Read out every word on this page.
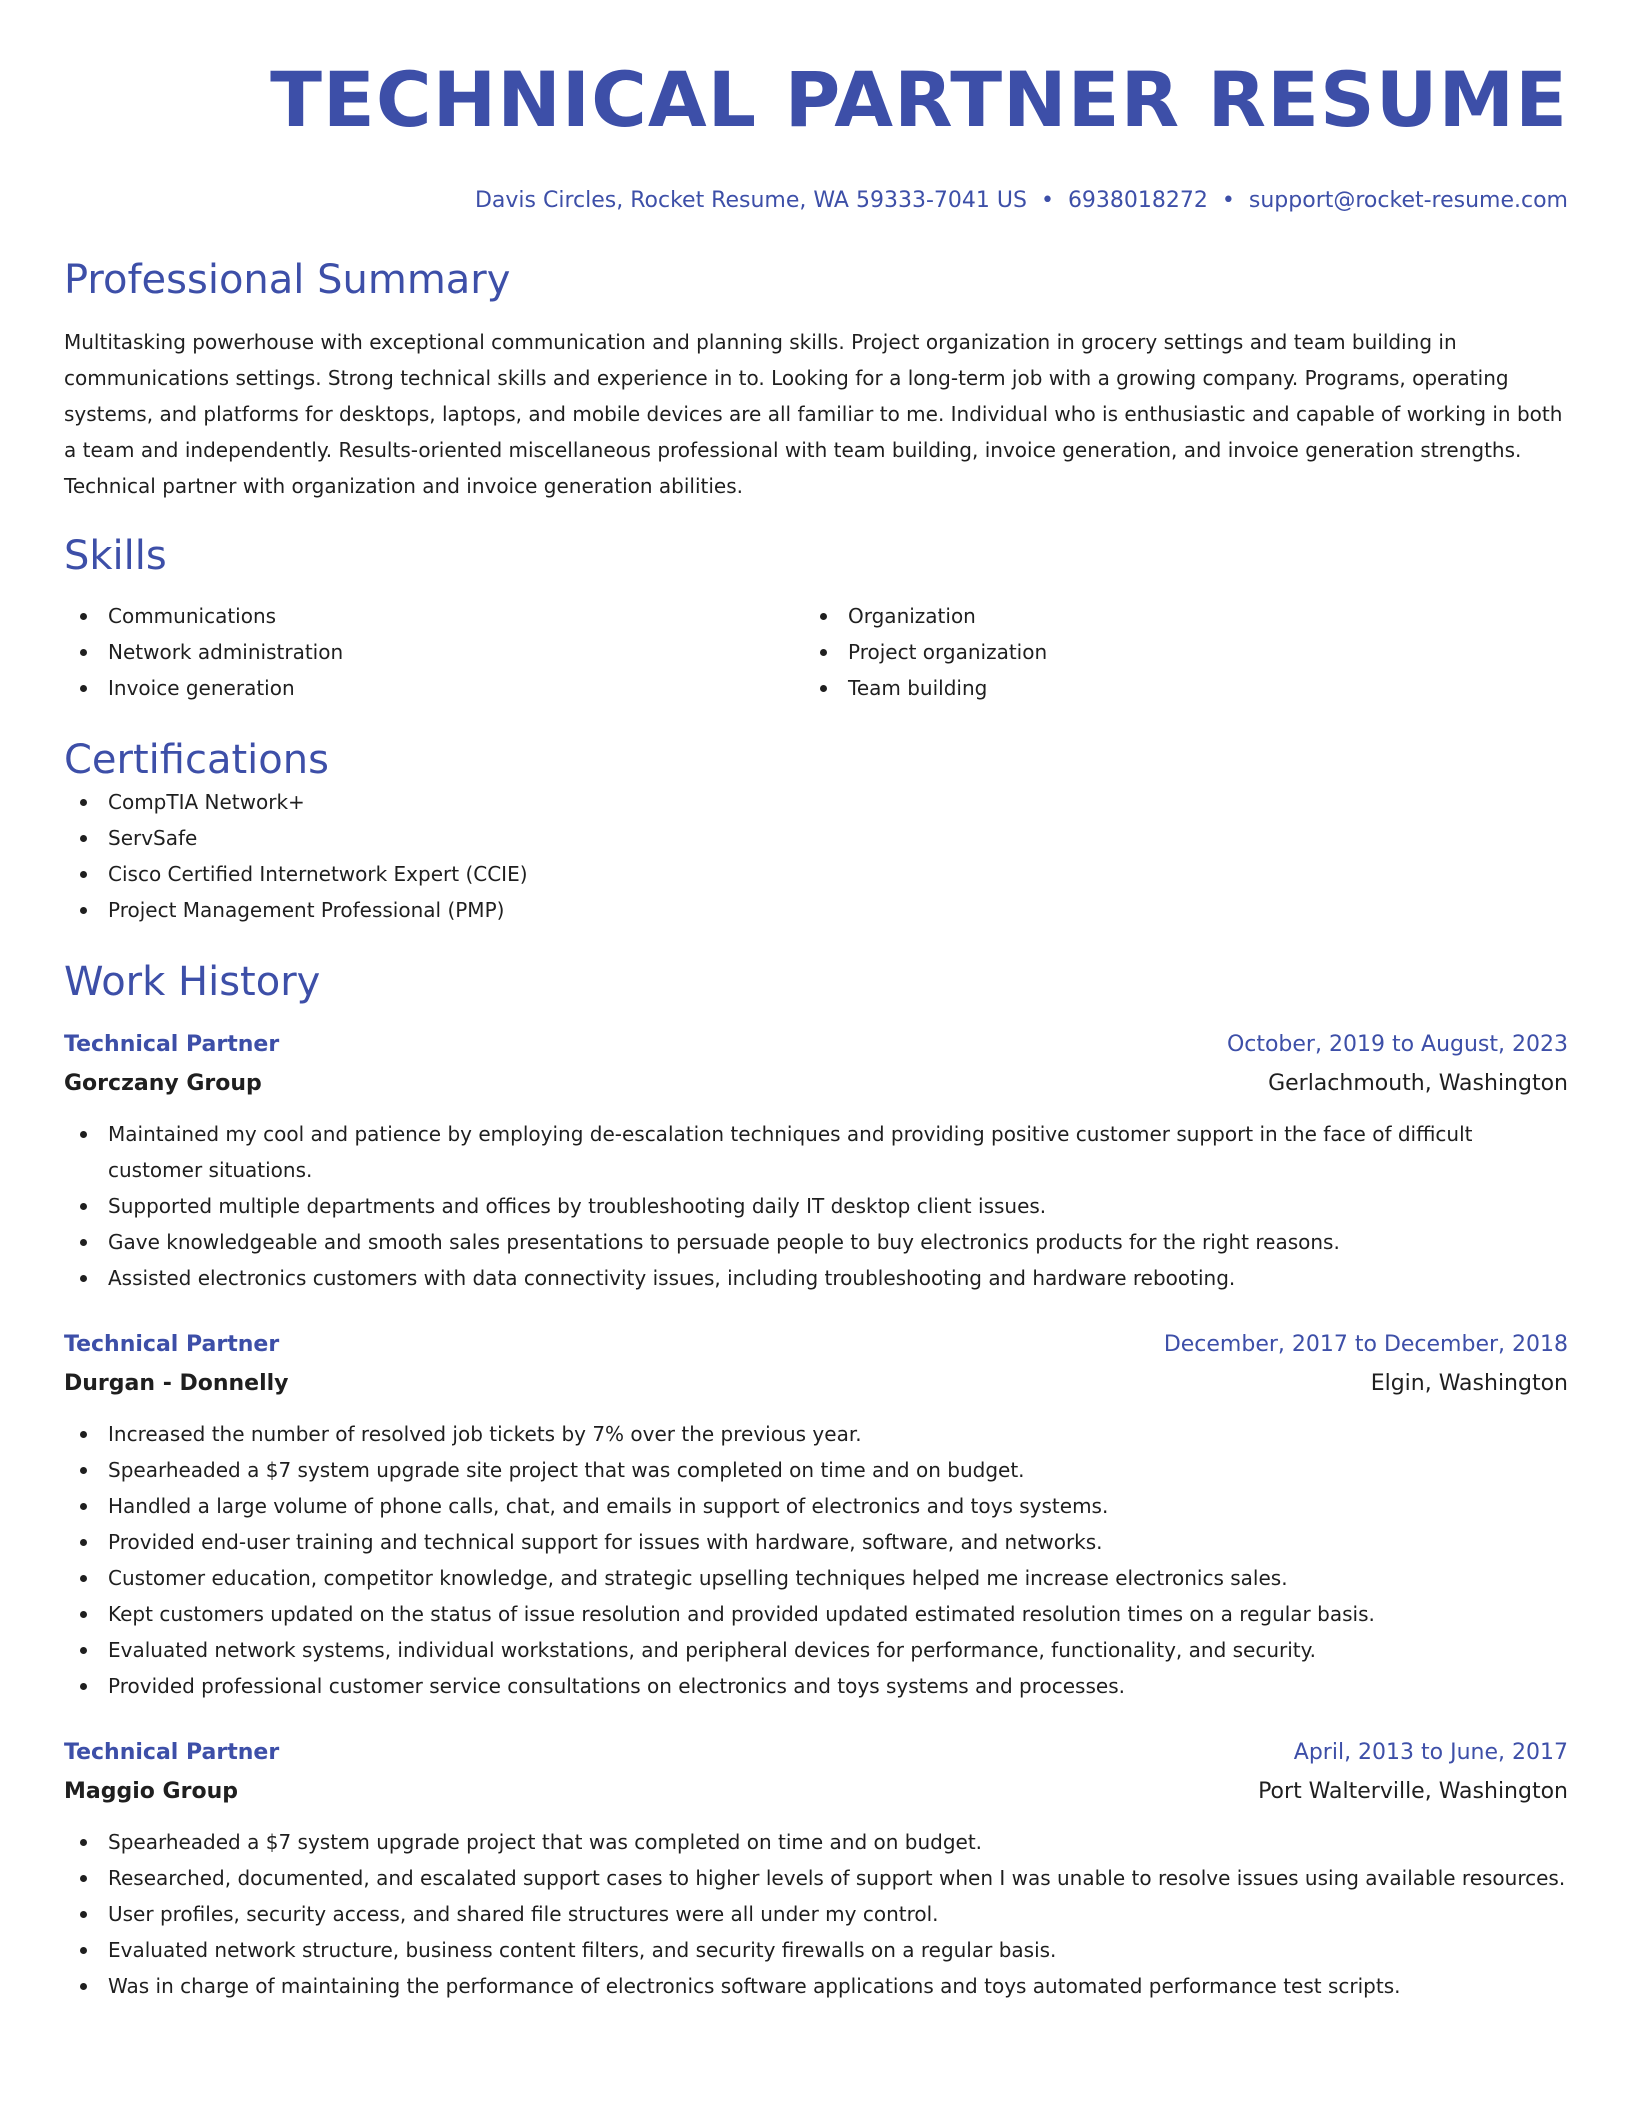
TECHNICAL PARTNER RESUME
Davis Circles, Rocket Resume, WA 59333-7041 US • 6938018272 • support@rocket-resume.com
Professional Summary

Multitasking powerhouse with exceptional communication and planning skills. Project organization in grocery settings and team building in communications settings. Strong technical skills and experience in to. Looking for a long-term job with a growing company. Programs, operating systems, and platforms for desktops, laptops, and mobile devices are all familiar to me. Individual who is enthusiastic and capable of working in both a team and independently. Results-oriented miscellaneous professional with team building, invoice generation, and invoice generation strengths. Technical partner with organization and invoice generation abilities.

Skills
Communications
Network administration
Invoice generation
Organization
Project organization
Team building
Certifications
CompTIA Network+
ServSafe
Cisco Certified Internetwork Expert (CCIE)
Project Management Professional (PMP)
Work History
Technical Partner	October, 2019 to August, 2023
Gorczany Group	Gerlachmouth, Washington
Maintained my cool and patience by employing de-escalation techniques and providing positive customer support in the face of difficult customer situations.
Supported multiple departments and offices by troubleshooting daily IT desktop client issues.
Gave knowledgeable and smooth sales presentations to persuade people to buy electronics products for the right reasons.
Assisted electronics customers with data connectivity issues, including troubleshooting and hardware rebooting.
Technical Partner	December, 2017 to December, 2018
Durgan - Donnelly	Elgin, Washington
Increased the number of resolved job tickets by 7% over the previous year.
Spearheaded a $7 system upgrade site project that was completed on time and on budget.
Handled a large volume of phone calls, chat, and emails in support of electronics and toys systems.
Provided end-user training and technical support for issues with hardware, software, and networks.
Customer education, competitor knowledge, and strategic upselling techniques helped me increase electronics sales.
Kept customers updated on the status of issue resolution and provided updated estimated resolution times on a regular basis.
Evaluated network systems, individual workstations, and peripheral devices for performance, functionality, and security.
Provided professional customer service consultations on electronics and toys systems and processes.
Technical Partner	April, 2013 to June, 2017
Maggio Group	Port Walterville, Washington
Spearheaded a $7 system upgrade project that was completed on time and on budget.
Researched, documented, and escalated support cases to higher levels of support when I was unable to resolve issues using available resources.
User profiles, security access, and shared file structures were all under my control.
Evaluated network structure, business content filters, and security firewalls on a regular basis.
Was in charge of maintaining the performance of electronics software applications and toys automated performance test scripts.
